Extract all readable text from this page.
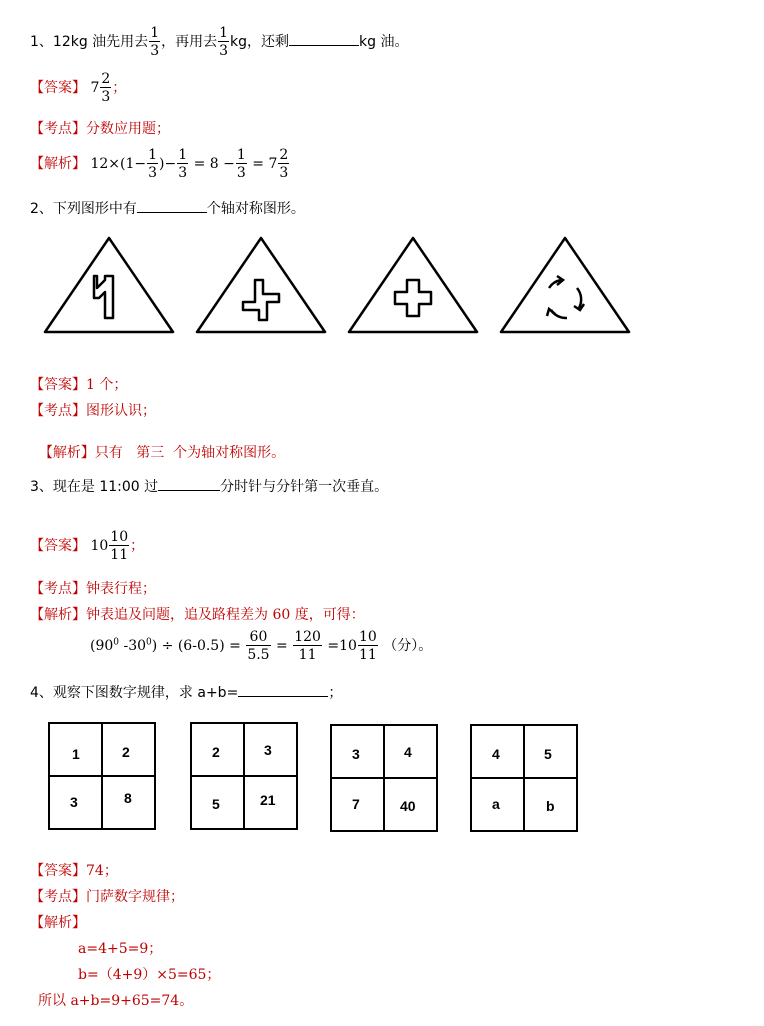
1、12kg 油先用去 $\frac{1}{3}$ ，再用去 $\frac{1}{3}$ kg，还剩	kg 油。
【答案】 $7 \frac{2}{3}$ ；
【考点】分数应用题；
【解析】 $12\times(1- \frac{1}{3}$ )− $\frac{1}{3} = 8 - \frac{1}{3} = 7 \frac{2}{3}$
2、下列图形中有	个轴对称图形。
【答案】1 个；
【考点】图形认识；

【解析】只有   第三  个为轴对称图形。

3、现在是 11:00 过	分时针与分针第一次垂直。
【答案】 $10 \frac{10}{11}$ ；
【考点】钟表行程；
【解析】钟表追及问题，追及路程差为 60 度，可得：
($90^0$ $-30^0) \div (6-0.5) = \frac{60}{5.5} = \frac{120}{11} =10 \frac{10}{11}$ （分）。
4、观察下图数字规律，求 a+b=	；
1	2
3	8
2	3
5	21
3	4
7	40
4	5
a	b
【答案】74；
【考点】门萨数字规律；
【解析】
a=4+5=9；
b=（4+9）×5=65；
所以 a+b=9+65=74。
